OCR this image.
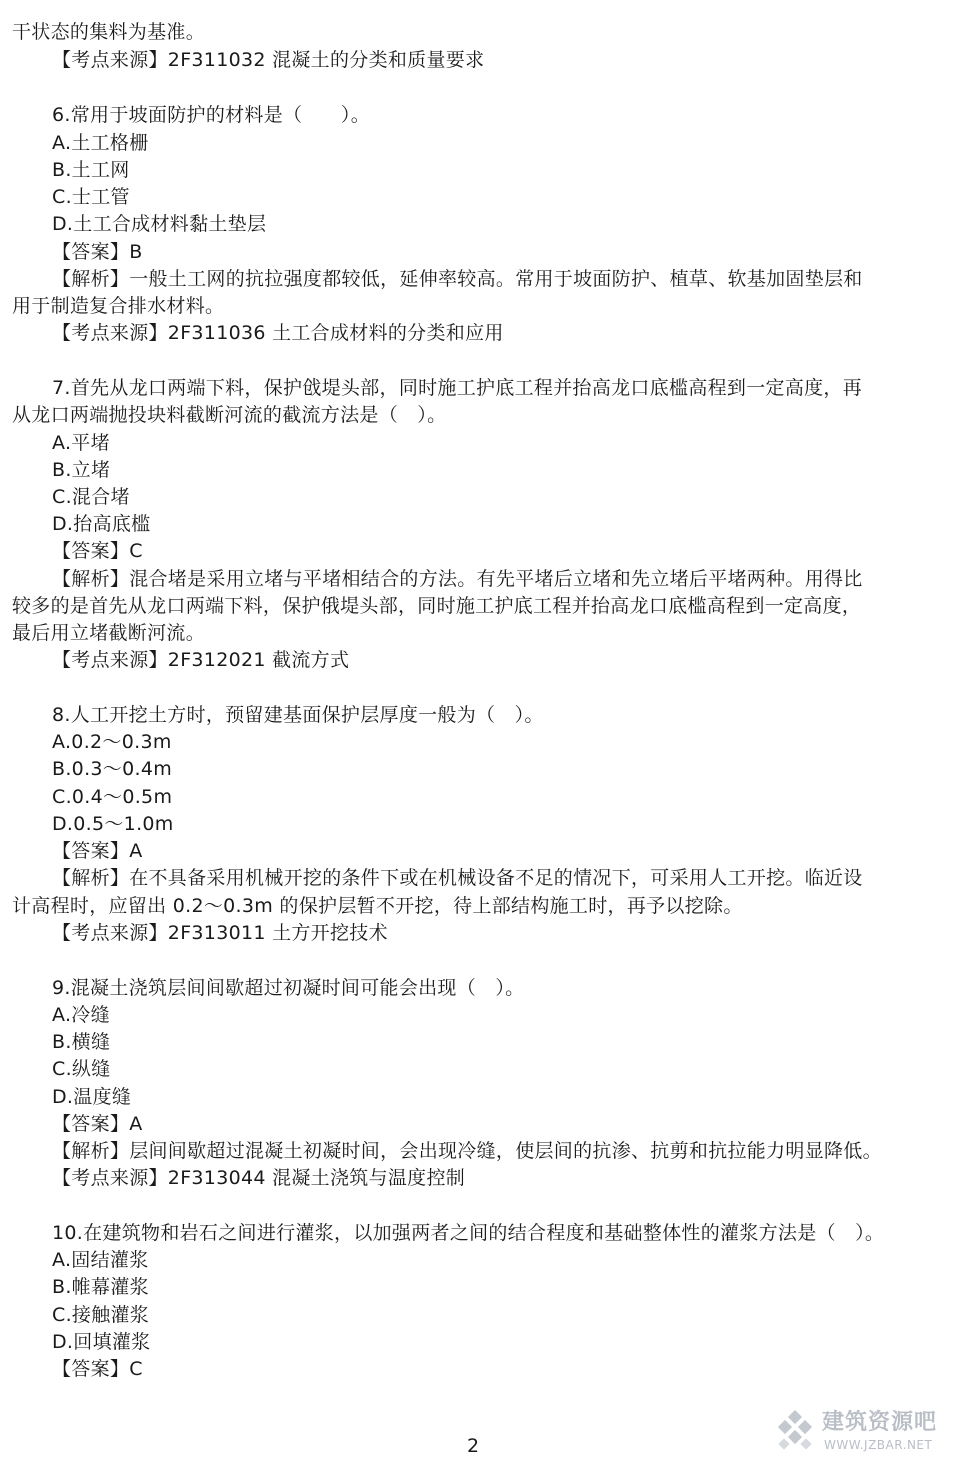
干状态的集料为基准。
【考点来源】2F311032 混凝土的分类和质量要求
6.常用于坡面防护的材料是（　　）。
A.土工格栅
B.土工网
C.士工管
D.土工合成材料黏土垫层
【答案】B
【解析】一般土工网的抗拉强度都较低，延伸率较高。常用于坡面防护、植草、软基加固垫层和
用于制造复合排水材料。
【考点来源】2F311036 土工合成材料的分类和应用
7.首先从龙口两端下料，保护戗堤头部，同时施工护底工程并抬高龙口底槛高程到一定高度，再
从龙口两端抛投块料截断河流的截流方法是（　）。
A.平堵
B.立堵
C.混合堵
D.抬高底槛
【答案】C
【解析】混合堵是采用立堵与平堵相结合的方法。有先平堵后立堵和先立堵后平堵两种。用得比
较多的是首先从龙口两端下料，保护俄堤头部，同时施工护底工程并抬高龙口底槛高程到一定高度，
最后用立堵截断河流。
【考点来源】2F312021 截流方式
8.人工开挖土方时，预留建基面保护层厚度一般为（　）。
A.0.2～0.3m
B.0.3～0.4m
C.0.4～0.5m
D.0.5～1.0m
【答案】A
【解析】在不具备采用机械开挖的条件下或在机械设备不足的情况下，可采用人工开挖。临近设
计高程时，应留出 0.2～0.3m 的保护层暂不开挖，待上部结构施工时，再予以挖除。
【考点来源】2F313011 土方开挖技术
9.混凝土浇筑层间间歇超过初凝时间可能会出现（　）。
A.冷缝
B.横缝
C.纵缝
D.温度缝
【答案】A
【解析】层间间歇超过混凝土初凝时间，会出现冷缝，使层间的抗渗、抗剪和抗拉能力明显降低。
【考点来源】2F313044 混凝土浇筑与温度控制
10.在建筑物和岩石之间进行灌浆，以加强两者之间的结合程度和基础整体性的灌浆方法是（　）。
A.固结灌浆
B.帷幕灌浆
C.接触灌浆
D.回填灌浆
【答案】C
2
建筑资源吧
WWW.JZBAR.NET
